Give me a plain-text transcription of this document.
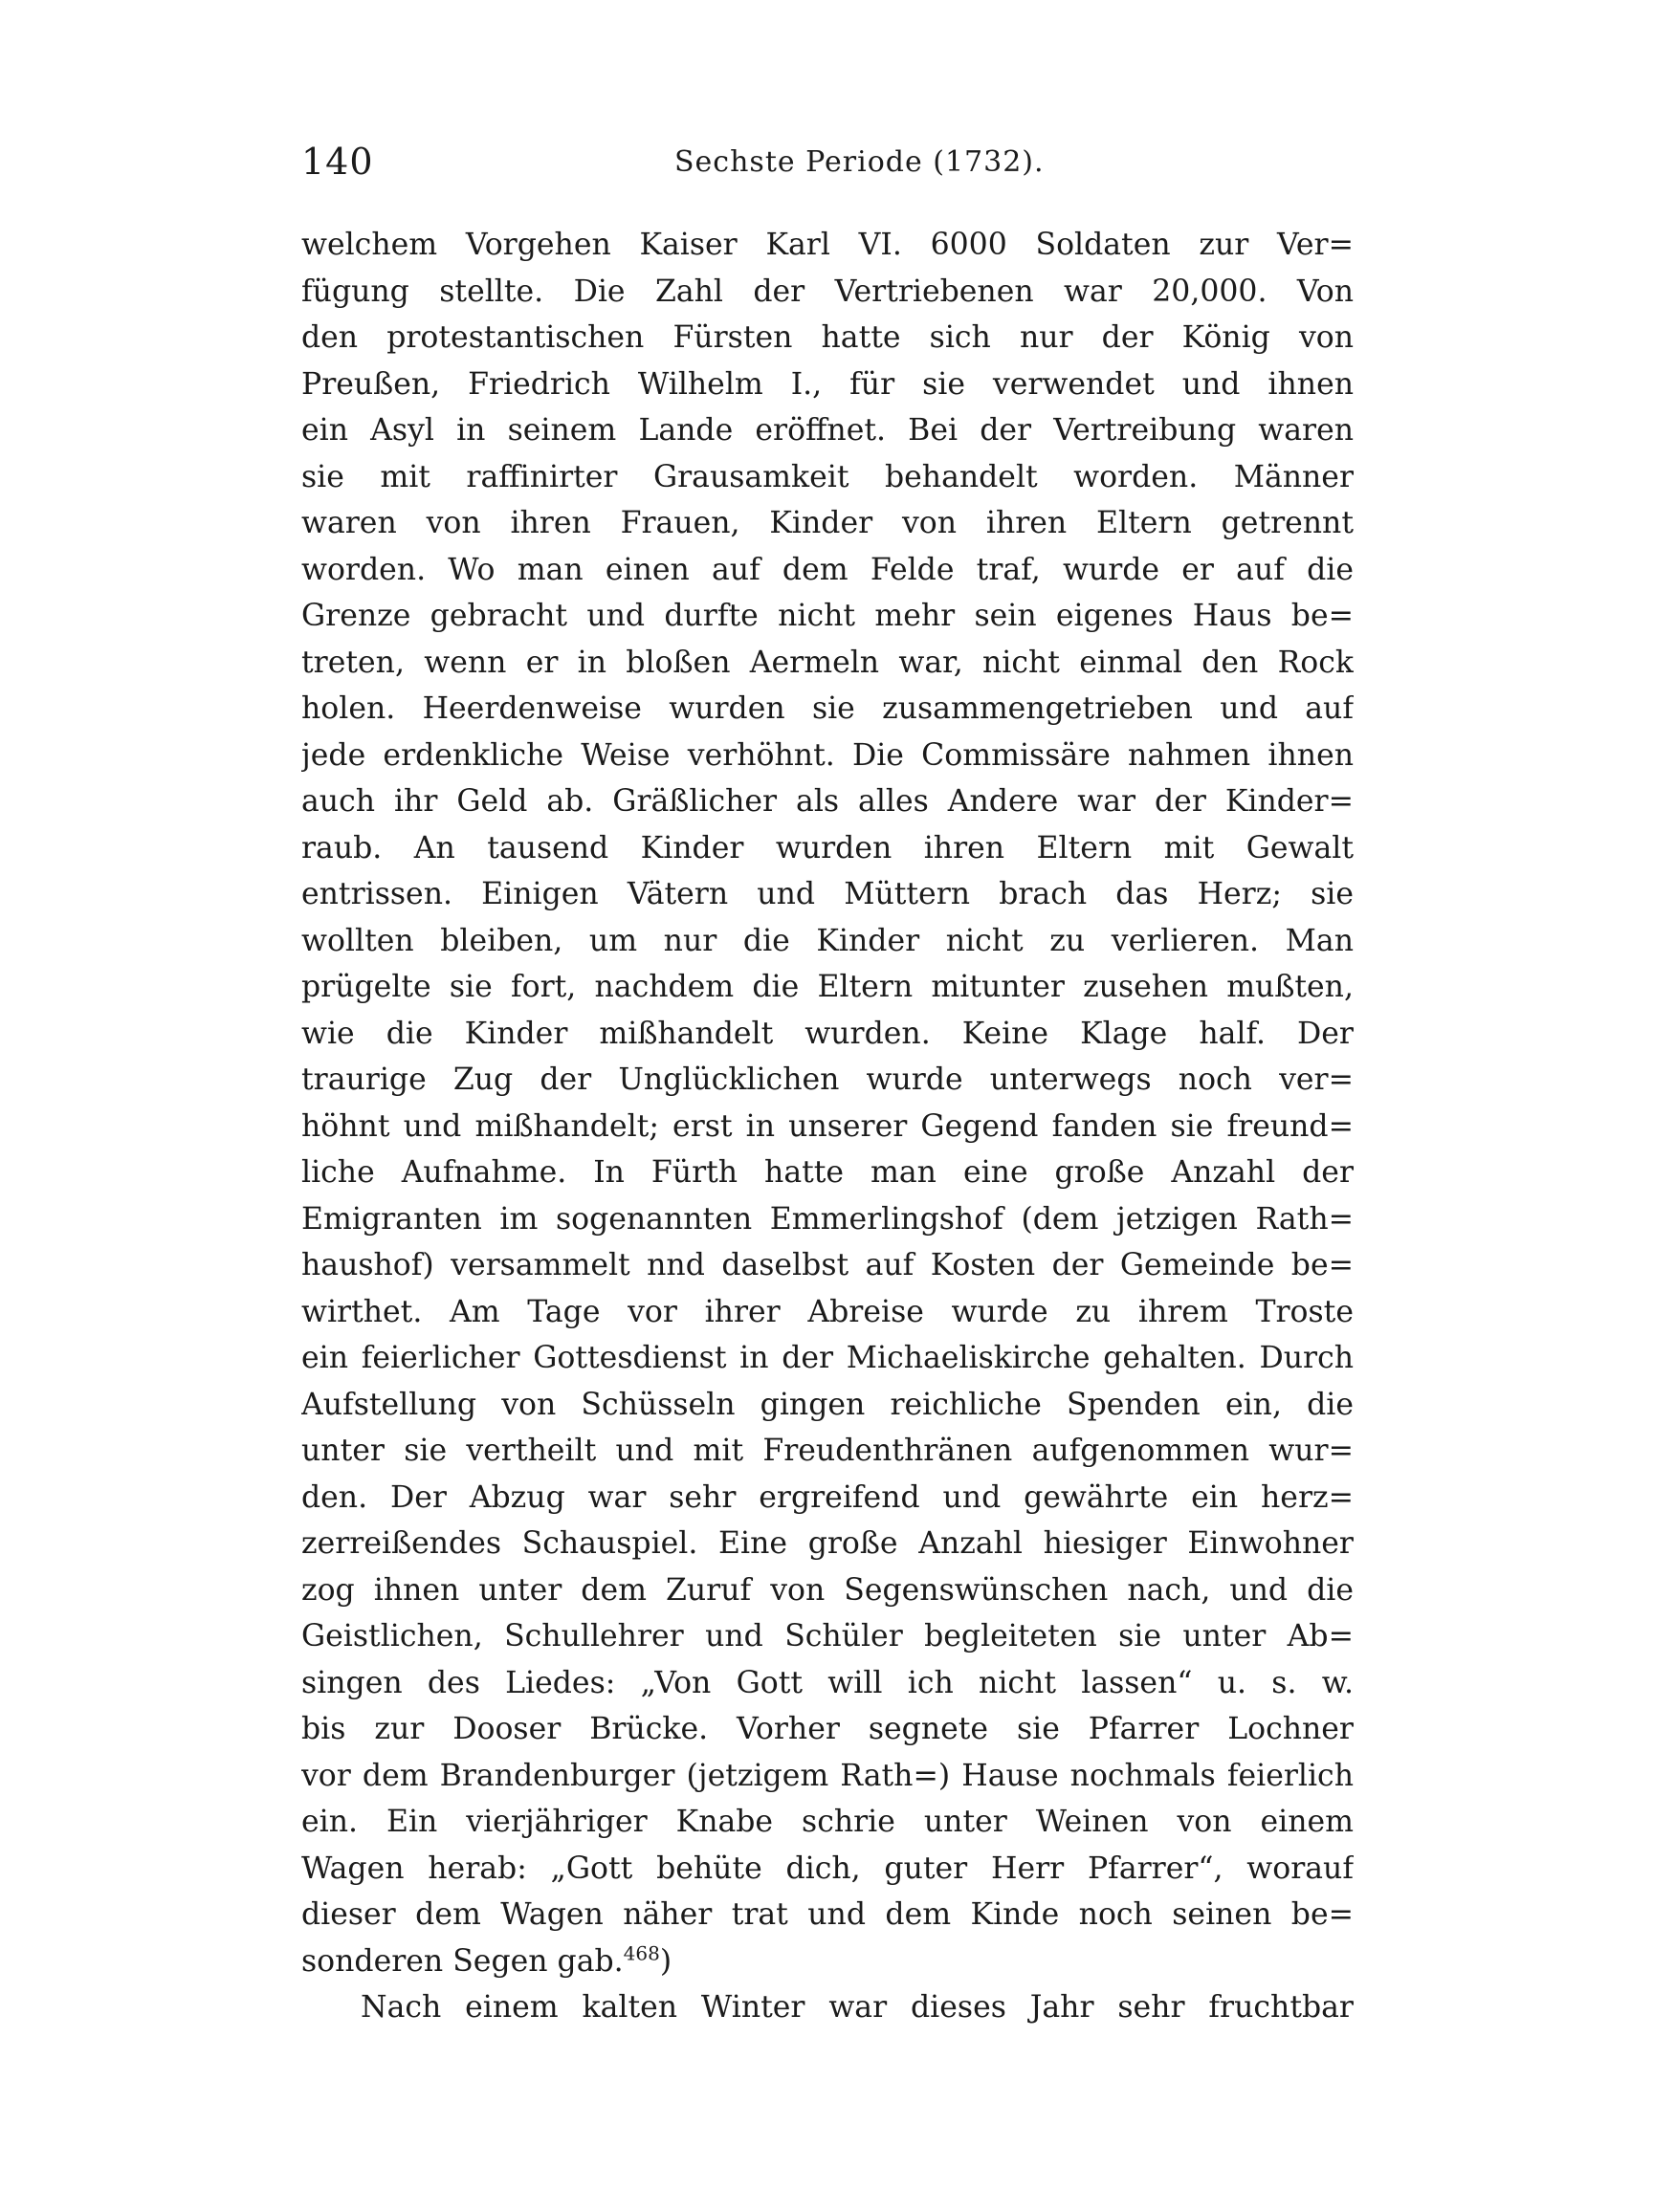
140	Sechste Periode (1732).
welchem Vorgehen Kaiser Karl VI. 6000 Soldaten zur Ver=
fügung stellte. Die Zahl der Vertriebenen war 20,000. Von
den protestantischen Fürsten hatte sich nur der König von
Preußen, Friedrich Wilhelm I., für sie verwendet und ihnen
ein Asyl in seinem Lande eröffnet. Bei der Vertreibung waren
sie mit raffinirter Grausamkeit behandelt worden. Männer
waren von ihren Frauen, Kinder von ihren Eltern getrennt
worden. Wo man einen auf dem Felde traf, wurde er auf die
Grenze gebracht und durfte nicht mehr sein eigenes Haus be=
treten, wenn er in bloßen Aermeln war, nicht einmal den Rock
holen. Heerdenweise wurden sie zusammengetrieben und auf
jede erdenkliche Weise verhöhnt. Die Commissäre nahmen ihnen
auch ihr Geld ab. Gräßlicher als alles Andere war der Kinder=
raub. An tausend Kinder wurden ihren Eltern mit Gewalt
entrissen. Einigen Vätern und Müttern brach das Herz; sie
wollten bleiben, um nur die Kinder nicht zu verlieren. Man
prügelte sie fort, nachdem die Eltern mitunter zusehen mußten,
wie die Kinder mißhandelt wurden. Keine Klage half. Der
traurige Zug der Unglücklichen wurde unterwegs noch ver=
höhnt und mißhandelt; erst in unserer Gegend fanden sie freund=
liche Aufnahme. In Fürth hatte man eine große Anzahl der
Emigranten im sogenannten Emmerlingshof (dem jetzigen Rath=
haushof) versammelt nnd daselbst auf Kosten der Gemeinde be=
wirthet. Am Tage vor ihrer Abreise wurde zu ihrem Troste
ein feierlicher Gottesdienst in der Michaeliskirche gehalten. Durch
Aufstellung von Schüsseln gingen reichliche Spenden ein, die
unter sie vertheilt und mit Freudenthränen aufgenommen wur=
den. Der Abzug war sehr ergreifend und gewährte ein herz=
zerreißendes Schauspiel. Eine große Anzahl hiesiger Einwohner
zog ihnen unter dem Zuruf von Segenswünschen nach, und die
Geistlichen, Schullehrer und Schüler begleiteten sie unter Ab=
singen des Liedes: „Von Gott will ich nicht lassen“ u. s. w.
bis zur Dooser Brücke. Vorher segnete sie Pfarrer Lochner
vor dem Brandenburger (jetzigem Rath=) Hause nochmals feierlich
ein. Ein vierjähriger Knabe schrie unter Weinen von einem
Wagen herab: „Gott behüte dich, guter Herr Pfarrer“, worauf
dieser dem Wagen näher trat und dem Kinde noch seinen be=
sonderen Segen gab.$^{468}$)
Nach einem kalten Winter war dieses Jahr sehr fruchtbar
